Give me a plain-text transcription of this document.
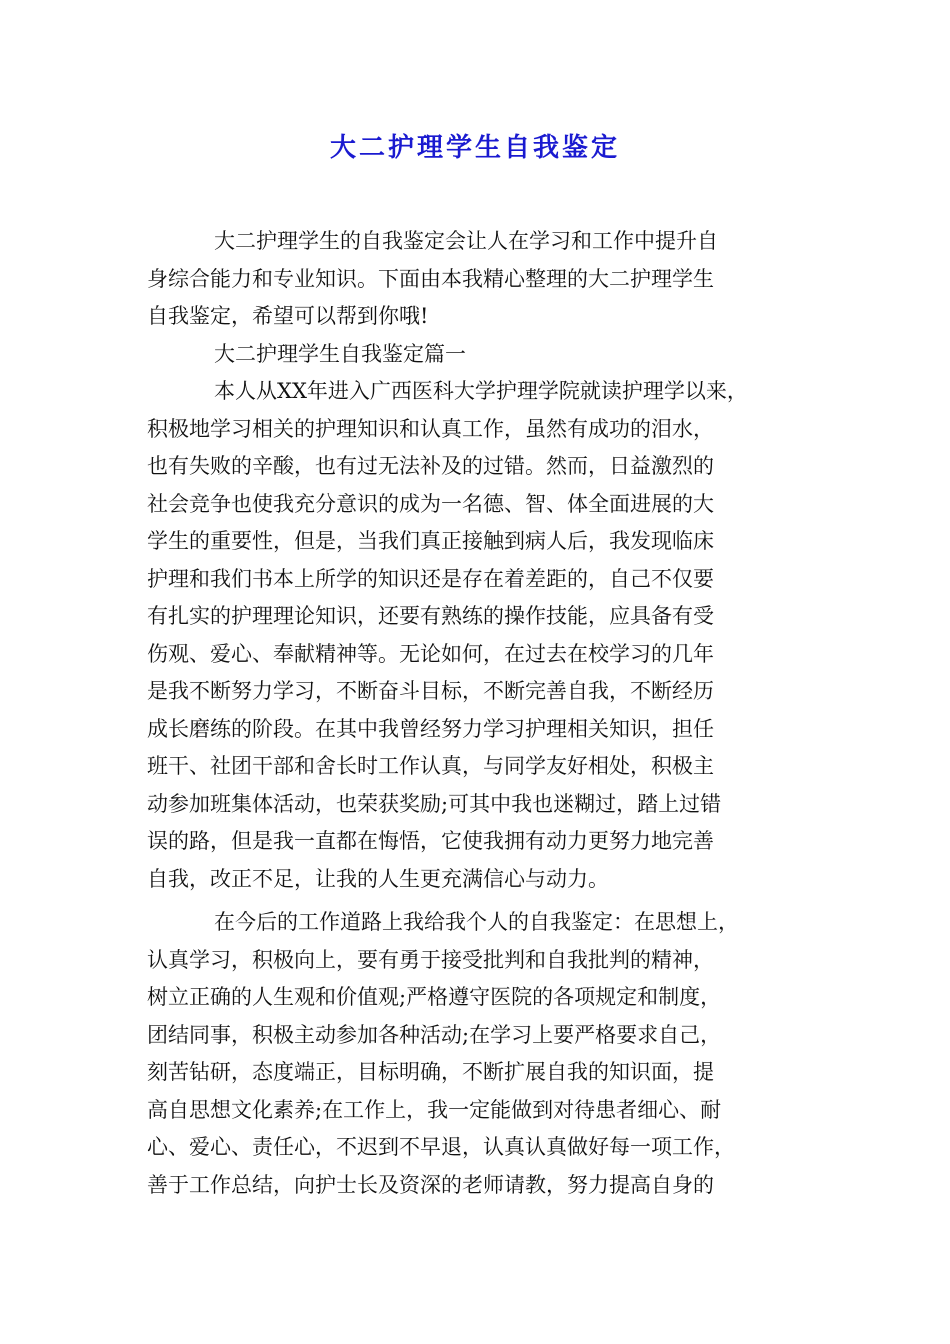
大二护理学生自我鉴定
大二护理学生的自我鉴定会让人在学习和工作中提升自
身综合能力和专业知识。下面由本我精心整理的大二护理学生
自我鉴定，希望可以帮到你哦!
大二护理学生自我鉴定篇一
本人从XX年进入广西医科大学护理学院就读护理学以来，
积极地学习相关的护理知识和认真工作，虽然有成功的泪水，
也有失败的辛酸，也有过无法补及的过错。然而，日益激烈的
社会竞争也使我充分意识的成为一名德、智、体全面进展的大
学生的重要性，但是，当我们真正接触到病人后，我发现临床
护理和我们书本上所学的知识还是存在着差距的，自己不仅要
有扎实的护理理论知识，还要有熟练的操作技能，应具备有受
伤观、爱心、奉献精神等。无论如何，在过去在校学习的几年
是我不断努力学习，不断奋斗目标，不断完善自我，不断经历
成长磨练的阶段。在其中我曾经努力学习护理相关知识，担任
班干、社团干部和舍长时工作认真，与同学友好相处，积极主
动参加班集体活动，也荣获奖励;可其中我也迷糊过，踏上过错
误的路，但是我一直都在悔悟，它使我拥有动力更努力地完善
自我，改正不足，让我的人生更充满信心与动力。
在今后的工作道路上我给我个人的自我鉴定：在思想上，
认真学习，积极向上，要有勇于接受批判和自我批判的精神，
树立正确的人生观和价值观;严格遵守医院的各项规定和制度，
团结同事，积极主动参加各种活动;在学习上要严格要求自己，
刻苦钻研，态度端正，目标明确，不断扩展自我的知识面，提
高自思想文化素养;在工作上，我一定能做到对待患者细心、耐
心、爱心、责任心，不迟到不早退，认真认真做好每一项工作，
善于工作总结，向护士长及资深的老师请教，努力提高自身的
